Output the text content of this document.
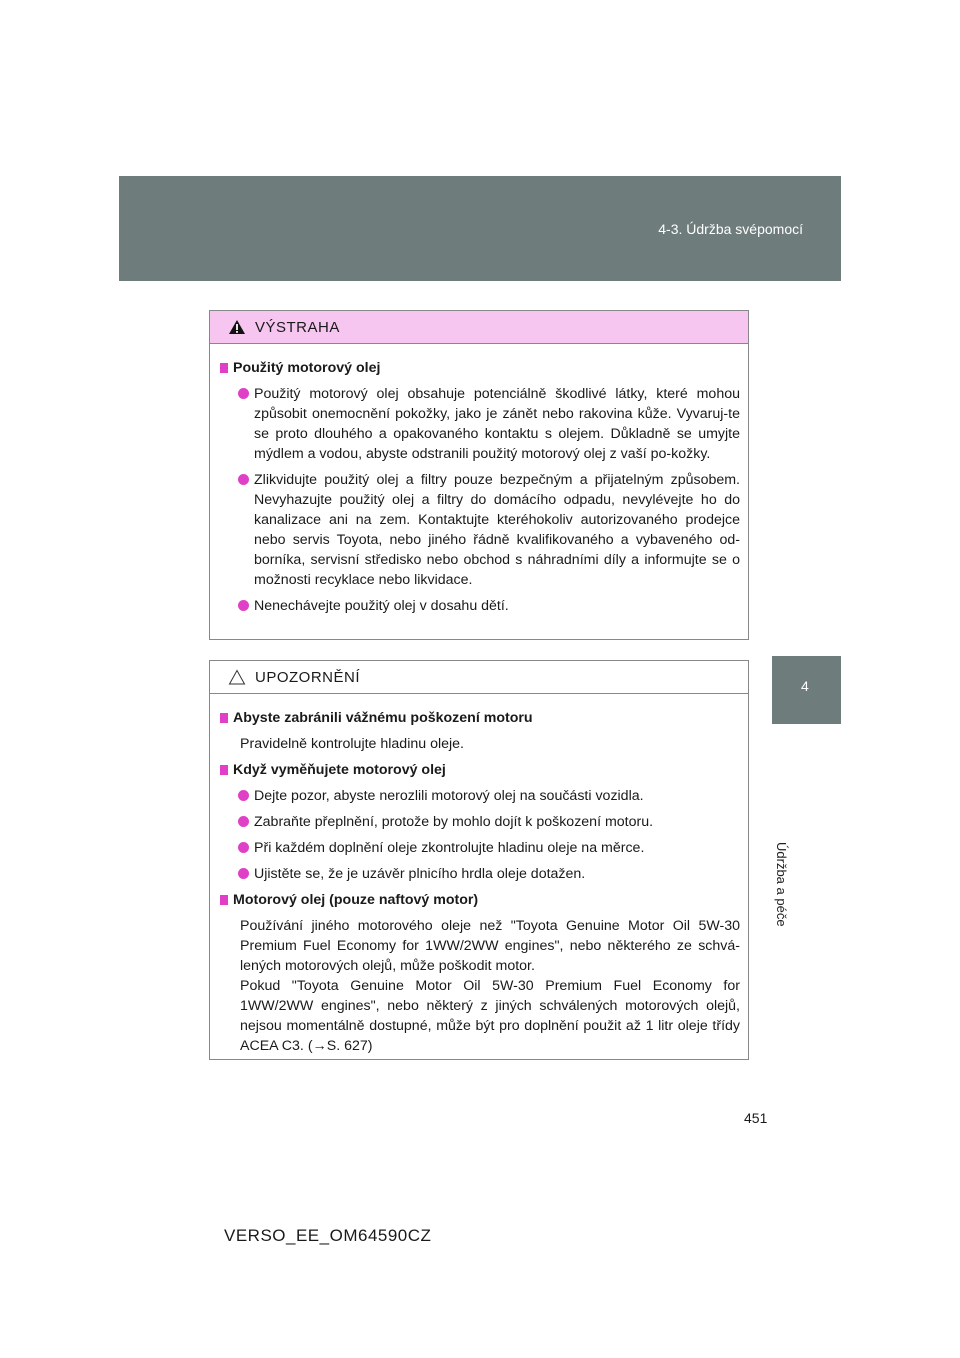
4-3. Údržba svépomocí
4
Údržba a péče
VÝSTRAHA
Použitý motorový olej
Použitý motorový olej obsahuje potenciálně škodlivé látky, které mohou způsobit onemocnění pokožky, jako je zánět nebo rakovina kůže. Vyvaruj-te se proto dlouhého a opakovaného kontaktu s olejem. Důkladně se umyjte mýdlem a vodou, abyste odstranili použitý motorový olej z vaší po-kožky.
Zlikvidujte použitý olej a filtry pouze bezpečným a přijatelným způsobem. Nevyhazujte použitý olej a filtry do domácího odpadu, nevylévejte ho do kanalizace ani na zem. Kontaktujte kteréhokoliv autorizovaného prodejce nebo servis Toyota, nebo jiného řádně kvalifikovaného a vybaveného od-borníka, servisní středisko nebo obchod s náhradními díly a informujte se o možnosti recyklace nebo likvidace.
Nenechávejte použitý olej v dosahu dětí.
UPOZORNĚNÍ
Abyste zabránili vážnému poškození motoru
Pravidelně kontrolujte hladinu oleje.
Když vyměňujete motorový olej
Dejte pozor, abyste nerozlili motorový olej na součásti vozidla.
Zabraňte přeplnění, protože by mohlo dojít k poškození motoru.
Při každém doplnění oleje zkontrolujte hladinu oleje na měrce.
Ujistěte se, že je uzávěr plnicího hrdla oleje dotažen.
Motorový olej (pouze naftový motor)
Používání jiného motorového oleje než "Toyota Genuine Motor Oil 5W-30 Premium Fuel Economy for 1WW/2WW engines", nebo některého ze schvá-lených motorových olejů, může poškodit motor.
Pokud "Toyota Genuine Motor Oil 5W-30 Premium Fuel Economy for 1WW/2WW engines", nebo některý z jiných schválených motorových olejů, nejsou momentálně dostupné, může být pro doplnění použit až 1 litr oleje třídy ACEA C3. (→S. 627)
451
VERSO_EE_OM64590CZ
